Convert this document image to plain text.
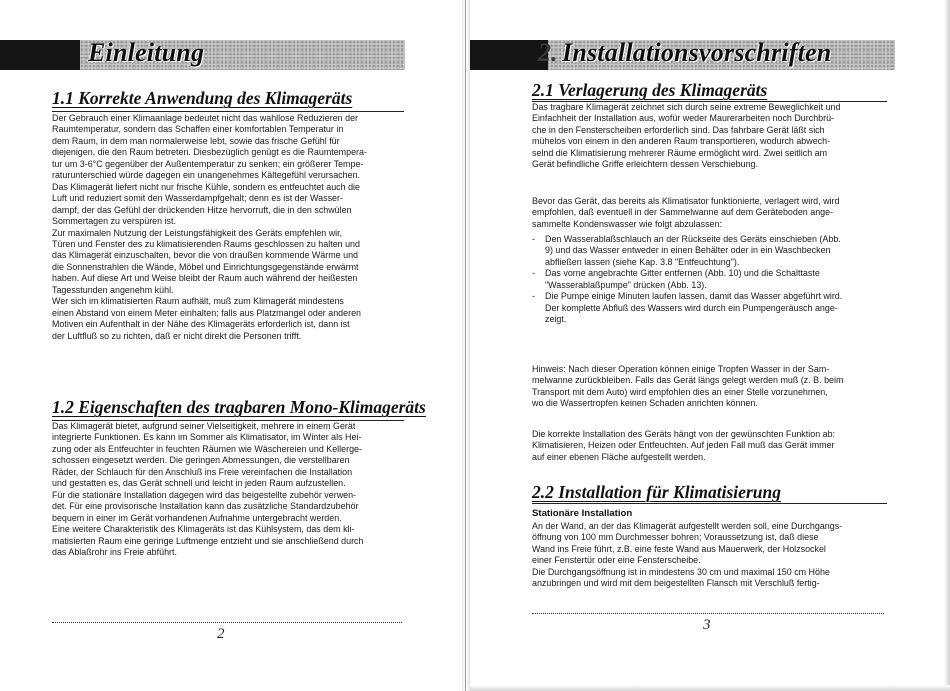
Einleitung
1.1 Korrekte Anwendung des Klimageräts
Der Gebrauch einer Klimaanlage bedeutet nicht das wahllose Reduzieren der
Raumtemperatur, sondern das Schaffen einer komfortablen Temperatur in
dem Raum, in dem man normalerweise lebt, sowie das frische Gefühl für
diejenigen, die den Raum betreten. Diesbezüglich genügt es die Raumtempera-
tur um 3-6°C gegenüber der Außentemperatur zu senken; ein größerer Tempe-
raturunterschied würde dagegen ein unangenehmes Kältegefühl verursachen.
Das Klimagerät liefert nicht nur frische Kühle, sondern es entfeuchtet auch die
Luft und reduziert somit den Wasserdampfgehalt; denn es ist der Wasser-
dampf, der das Gefühl der drückenden Hitze hervorruft, die in den schwülen
Sommertagen zu verspüren ist.
Zur maximalen Nutzung der Leistungsfähigkeit des Geräts empfehlen wir,
Türen und Fenster des zu klimatisierenden Raums geschlossen zu halten und
das Klimagerät einzuschalten, bevor die von draußen kommende Wärme und
die Sonnenstrahlen die Wände, Möbel und Einrichtungsgegenstände erwärmt
haben. Auf diese Art und Weise bleibt der Raum auch während der heißesten
Tagesstunden angenehm kühl.
Wer sich im klimatisierten Raum aufhält, muß zum Klimagerät mindestens
einen Abstand von einem Meter einhalten; falls aus Platzmangel oder anderen
Motiven ein Aufenthalt in der Nähe des Klimageräts erforderlich ist, dann ist
der Luftfluß so zu richten, daß er nicht direkt die Personen trifft.
1.2 Eigenschaften des tragbaren Mono-Klimageräts
Das Klimagerät bietet, aufgrund seiner Vielseitigkeit, mehrere in einem Gerät
integrierte Funktionen. Es kann im Sommer als Klimatisator, im Winter als Hei-
zung oder als Entfeuchter in feuchten Räumen wie Wäschereien und Kellerge-
schossen eingesetzt werden. Die geringen Abmessungen, die verstellbaren
Räder, der Schlauch für den Anschluß ins Freie vereinfachen die Installation
und gestatten es, das Gerät schnell und leicht in jeden Raum aufzustellen.
Für die stationäre Installation dagegen wird das beigestellte zubehör verwen-
det. Für eine provisorische Installation kann das zusätzliche Standardzubehör
bequem in einer im Gerät vorhandenen Aufnahme untergebracht werden.
Eine weitere Charakteristik des Klimageräts ist das Kühlsystem, das dem kli-
matisierten Raum eine geringe Luftmenge entzieht und sie anschließend durch
das Ablaßrohr ins Freie abführt.
2
2. Installationsvorschriften
2.1 Verlagerung des Klimageräts
Das tragbare Klimagerät zeichnet sich durch seine extreme Beweglichkeit und
Einfachheit der Installation aus, wofür weder Maurerarbeiten noch Durchbrü-
che in den Fensterscheiben erforderlich sind. Das fahrbare Gerät läßt sich
mühelos von einem in den anderen Raum transportieren, wodurch abwech-
selnd die Klimatisierung mehrerer Räume ermöglicht wird. Zwei seitlich am
Gerät befindliche Griffe erleichtern dessen Verschiebung.
Bevor das Gerät, das bereits als Klimatisator funktionierte, verlagert wird, wird
empfohlen, daß eventuell in der Sammelwanne auf dem Geräteboden ange-
sammelte Kondenswasser wie folgt abzulassen:
- Den Wasserablaßschlauch an der Rückseite des Geräts einschieben (Abb.
9) und das Wasser entweder in einen Behälter oder in ein Waschbecken
abfließen lassen (siehe Kap. 3.8 "Entfeuchtung").
- Das vorne angebrachte Gitter entfernen (Abb. 10) und die Schalttaste
"Wasserablaßpumpe" drücken (Abb. 13).
- Die Pumpe einige Minuten laufen lassen, damit das Wasser abgeführt wird.
Der komplette Abfluß des Wassers wird durch ein Pumpengeräusch ange-
zeigt.
Hinweis: Nach dieser Operation können einige Tropfen Wasser in der Sam-
melwanne zurückbleiben. Falls das Gerät längs gelegt werden muß (z. B. beim
Transport mit dem Auto) wird empfohlen dies an einer Stelle vorzunehmen,
wo die Wassertropfen keinen Schaden anrichten können.
Die korrekte Installation des Geräts hängt von der gewünschten Funktion ab:
Klimatisieren, Heizen oder Entfeuchten. Auf jeden Fall muß das Gerät immer
auf einer ebenen Fläche aufgestellt werden.
2.2 Installation für Klimatisierung
Stationäre Installation
An der Wand, an der das Klimagerät aufgestellt werden soll, eine Durchgangs-
öffnung von 100 mm Durchmesser bohren; Voraussetzung ist, daß diese
Wand ins Freie führt, z.B. eine feste Wand aus Mauerwerk, der Holzsockel
einer Fenstertür oder eine Fensterscheibe.
Die Durchgangsöffnung ist in mindestens 30 cm und maximal 150 cm Höhe
anzubringen und wird mit dem beigestellten Flansch mit Verschluß fertig-
3
